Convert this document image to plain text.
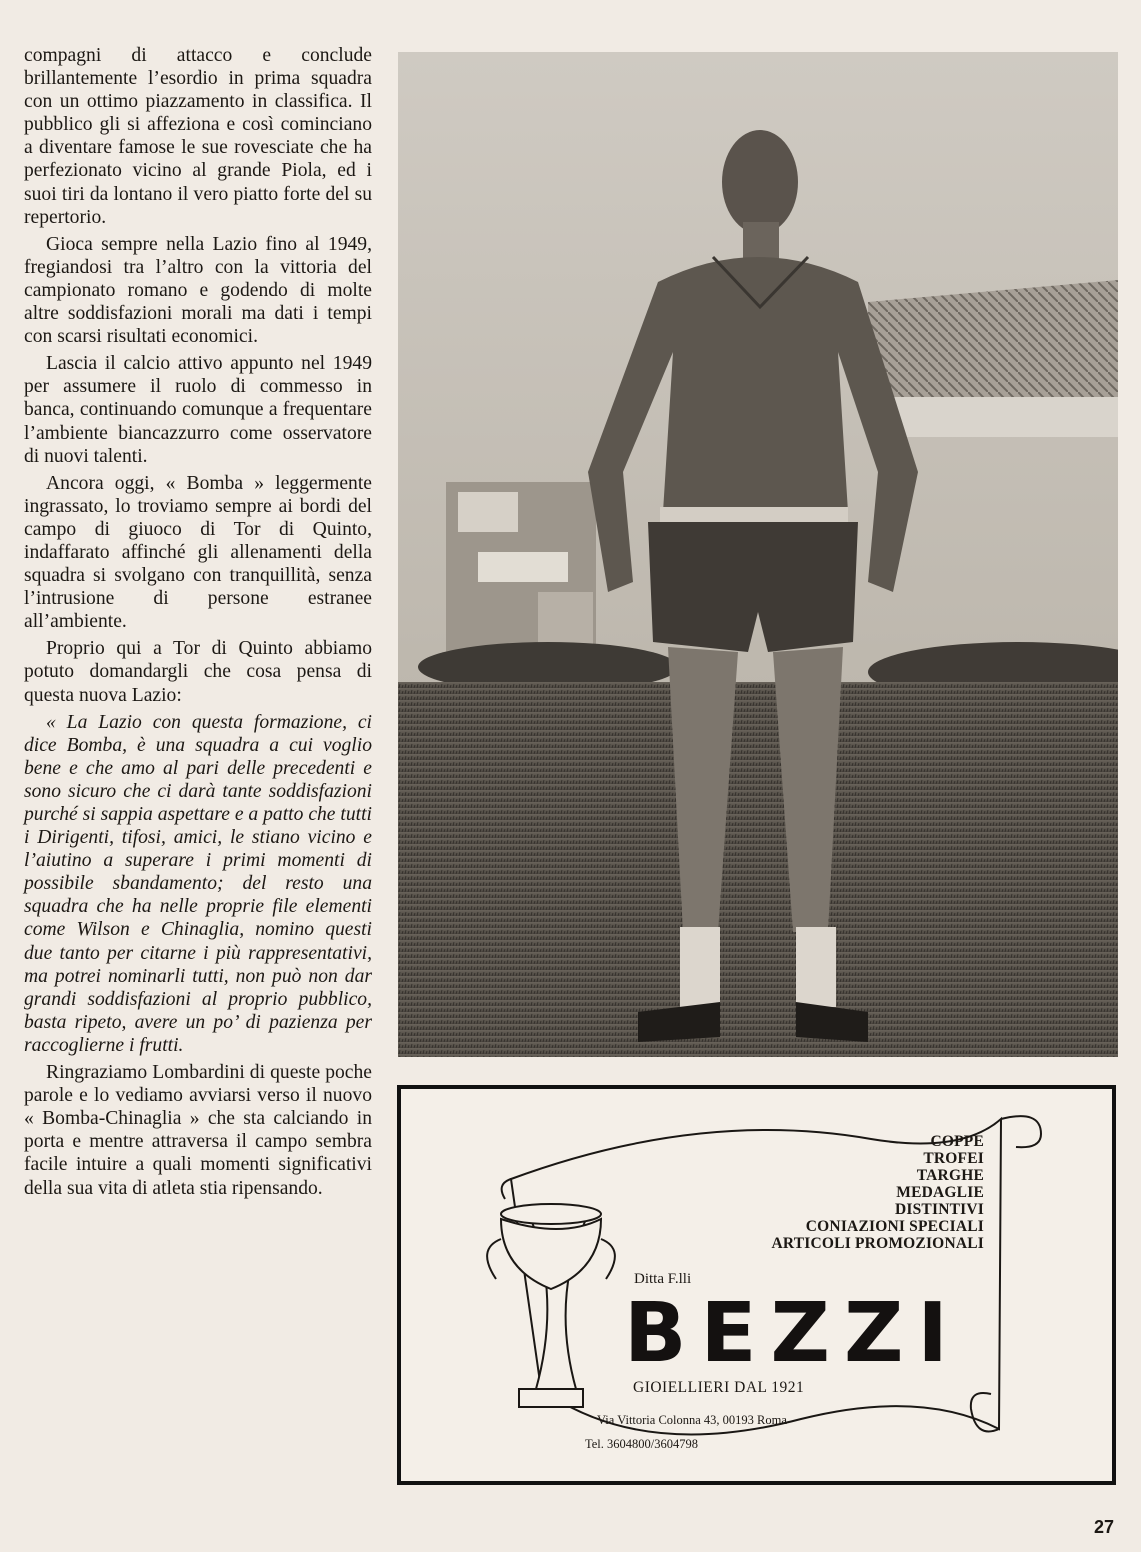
compagni di attacco e conclude brillantemente l’esordio in prima squadra con un ottimo piazzamento in classifica. Il pubblico gli si affeziona e così cominciano a diventare famose le sue rovesciate che ha perfezionato vicino al grande Piola, ed i suoi tiri da lontano il vero piatto forte del su repertorio.

Gioca sempre nella Lazio fino al 1949, fregiandosi tra l’altro con la vittoria del campionato romano e godendo di molte altre soddisfazioni morali ma dati i tempi con scarsi risultati economici.

Lascia il calcio attivo appunto nel 1949 per assumere il ruolo di commesso in banca, continuando comunque a frequentare l’ambiente biancazzurro come osservatore di nuovi talenti.

Ancora oggi, « Bomba » leggermente ingrassato, lo troviamo sempre ai bordi del campo di giuoco di Tor di Quinto, indaffarato affinché gli allenamenti della squadra si svolgano con tranquillità, senza l’intrusione di persone estranee all’ambiente.

Proprio qui a Tor di Quinto abbiamo potuto domandargli che cosa pensa di questa nuova Lazio:

« La Lazio con questa formazione, ci dice Bomba, è una squadra a cui voglio bene e che amo al pari delle precedenti e sono sicuro che ci darà tante soddisfazioni purché si sappia aspettare e a patto che tutti i Dirigenti, tifosi, amici, le stiano vicino e l’aiutino a superare i primi momenti di possibile sbandamento; del resto una squadra che ha nelle proprie file elementi come Wilson e Chinaglia, nomino questi due tanto per citarne i più rappresentativi, ma potrei nominarli tutti, non può non dar grandi soddisfazioni al proprio pubblico, basta ripeto, avere un po’ di pazienza per raccoglierne i frutti.

Ringraziamo Lombardini di queste poche parole e lo vediamo avviarsi verso il nuovo « Bomba-Chinaglia » che sta calciando in porta e mentre attraversa il campo sembra facile intuire a quali momenti significativi della sua vita di atleta stia ripensando.

COPPE
TROFEI
TARGHE
MEDAGLIE
DISTINTIVI
CONIAZIONI SPECIALI
ARTICOLI PROMOZIONALI
Ditta F.lli
BEZZI
GIOIELLIERI DAL 1921
Via Vittoria Colonna 43, 00193 Roma
Tel. 3604800/3604798
27
